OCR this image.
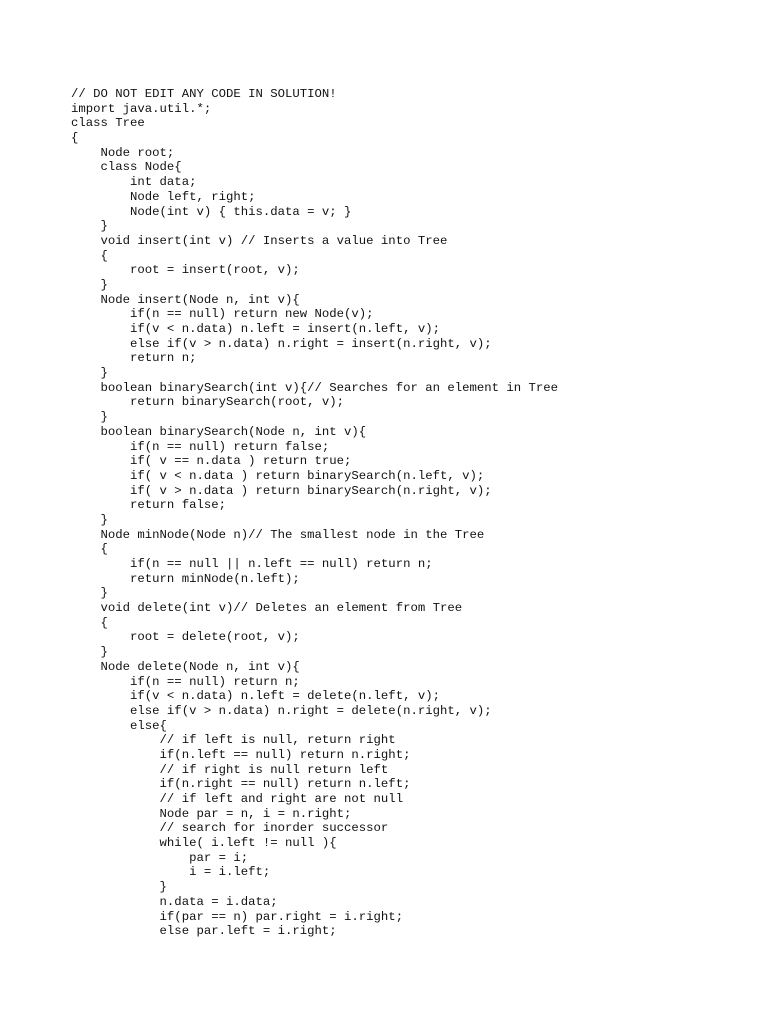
// DO NOT EDIT ANY CODE IN SOLUTION!
import java.util.*;
class Tree
{
Node root;
class Node{
int data;
Node left, right;
Node(int v) { this.data = v; }
}
void insert(int v) // Inserts a value into Tree
{
root = insert(root, v);
}
Node insert(Node n, int v){
if(n == null) return new Node(v);
if(v < n.data) n.left = insert(n.left, v);
else if(v > n.data) n.right = insert(n.right, v);
return n;
}
boolean binarySearch(int v){// Searches for an element in Tree
return binarySearch(root, v);
}
boolean binarySearch(Node n, int v){
if(n == null) return false;
if( v == n.data ) return true;
if( v < n.data ) return binarySearch(n.left, v);
if( v > n.data ) return binarySearch(n.right, v);
return false;
}
Node minNode(Node n)// The smallest node in the Tree
{
if(n == null || n.left == null) return n;
return minNode(n.left);
}
void delete(int v)// Deletes an element from Tree
{
root = delete(root, v);
}
Node delete(Node n, int v){
if(n == null) return n;
if(v < n.data) n.left = delete(n.left, v);
else if(v > n.data) n.right = delete(n.right, v);
else{
// if left is null, return right
if(n.left == null) return n.right;
// if right is null return left
if(n.right == null) return n.left;
// if left and right are not null
Node par = n, i = n.right;
// search for inorder successor
while( i.left != null ){
par = i;
i = i.left;
}
n.data = i.data;
if(par == n) par.right = i.right;
else par.left = i.right;
